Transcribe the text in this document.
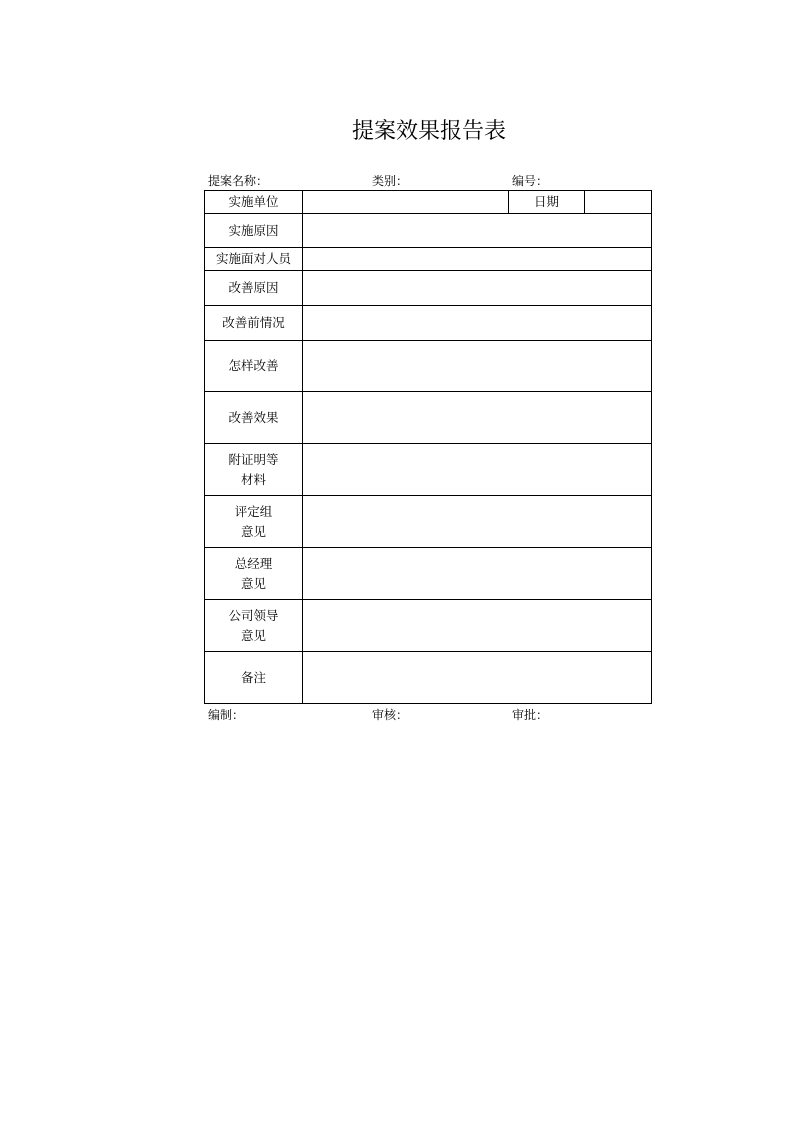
提案效果报告表
提案名称：	类别：	编号：
实施单位		日期	
实施原因			
实施面对人员			
改善原因			
改善前情况			
怎样改善			
改善效果			

附证明等
材料			

评定组
意见			

总经理
意见			

公司领导
意见			

备注			
编制：	审核：	审批：
